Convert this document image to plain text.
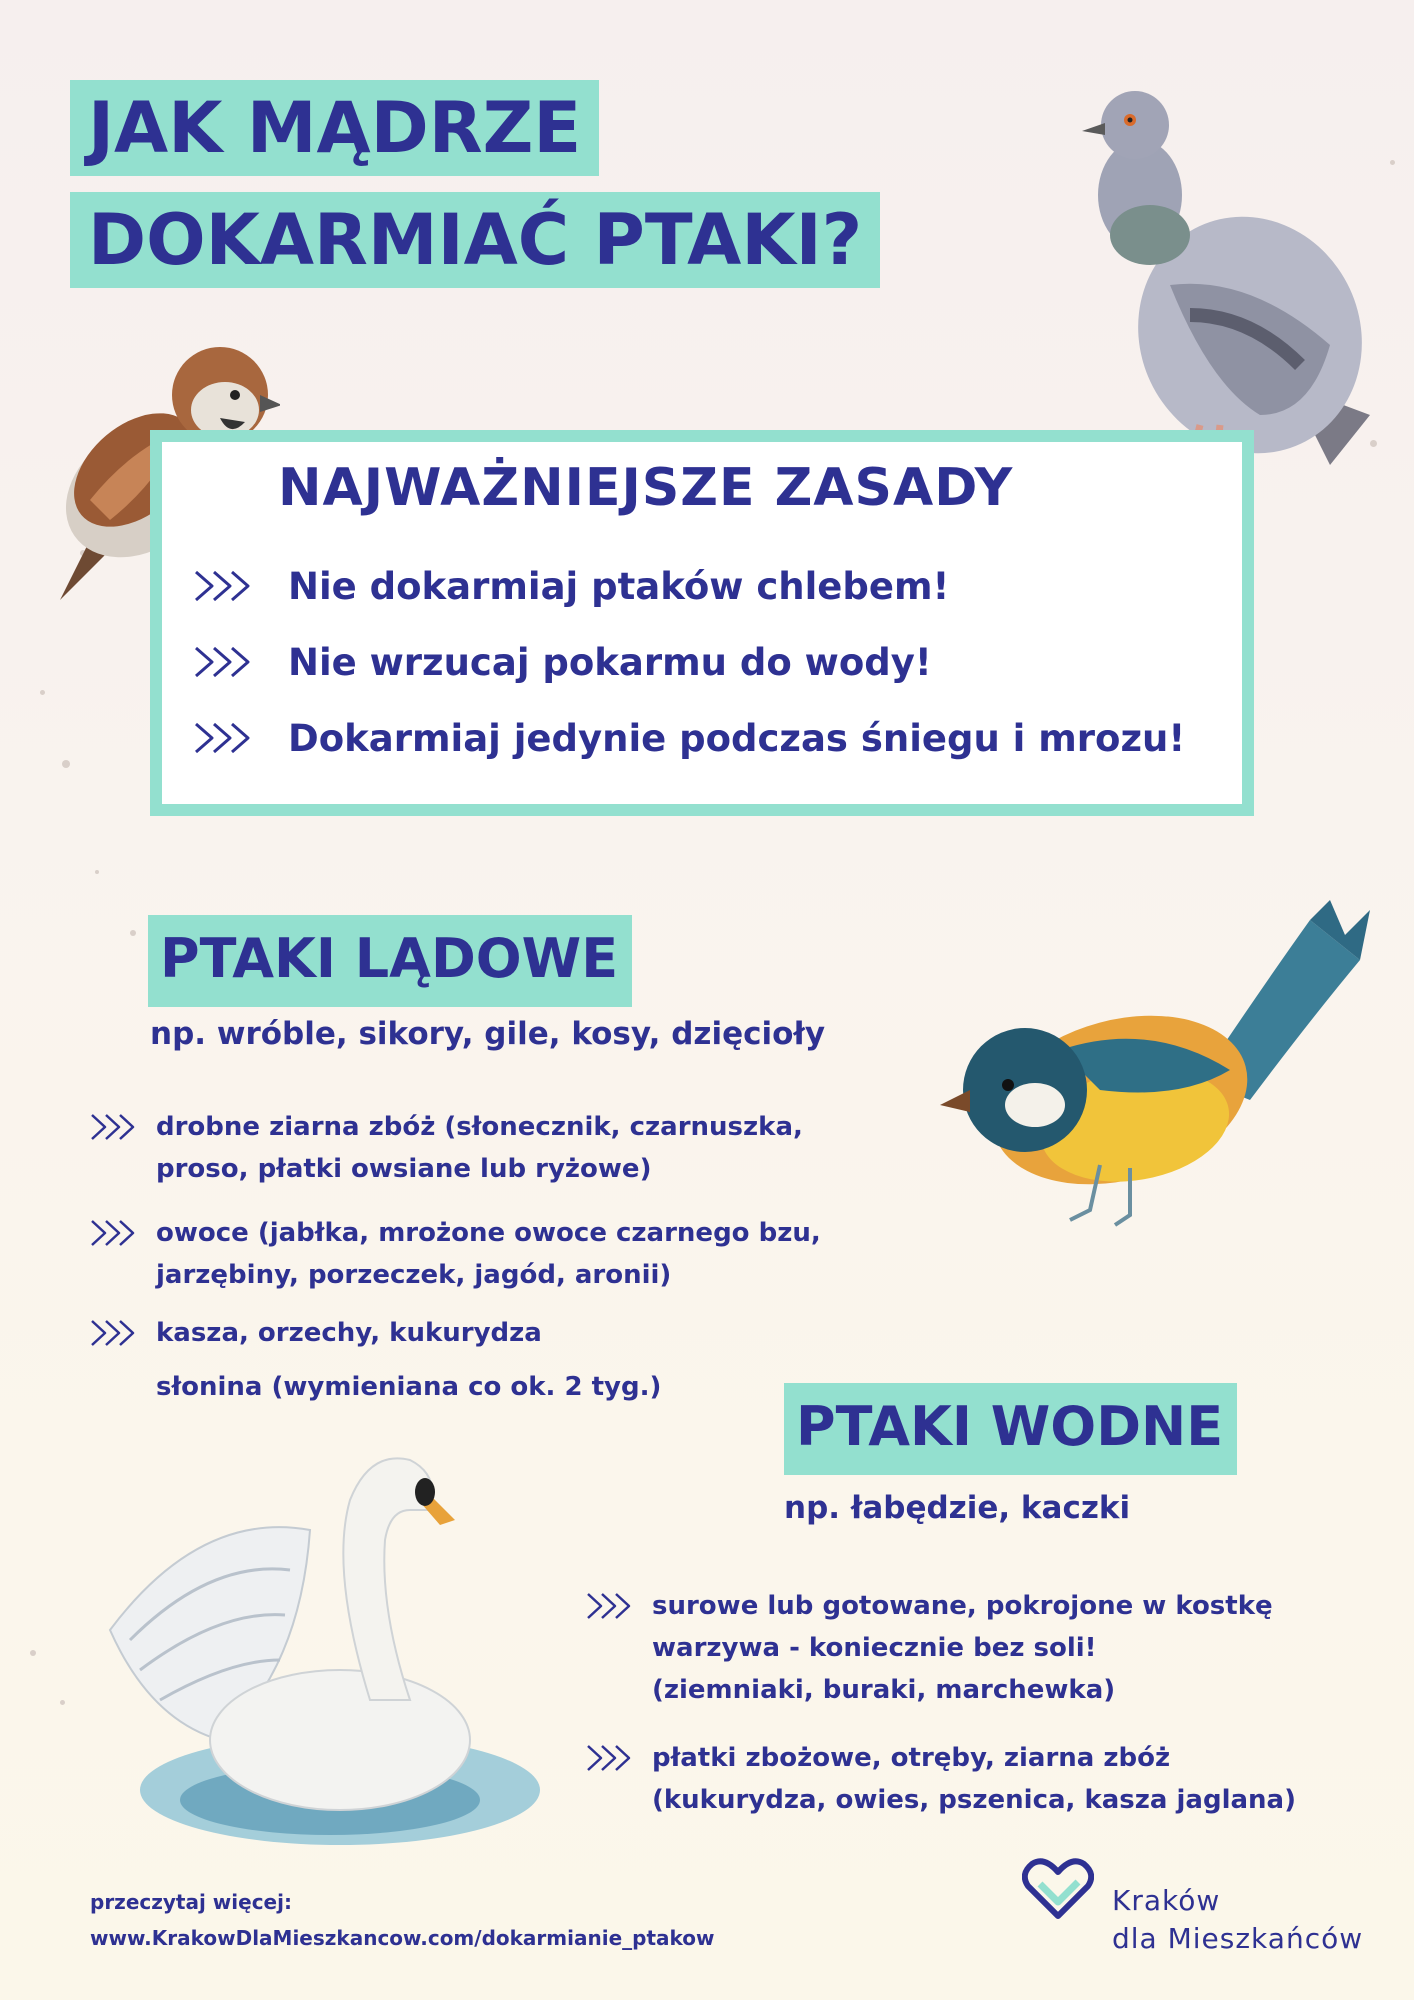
JAK MĄDRZE
DOKARMIAĆ PTAKI?
NAJWAŻNIEJSZE ZASADY
Nie dokarmiaj ptaków chlebem!
Nie wrzucaj pokarmu do wody!
Dokarmiaj jedynie podczas śniegu i mrozu!
PTAKI LĄDOWE
np. wróble, sikory, gile, kosy, dzięcioły
drobne ziarna zbóż (słonecznik, czarnuszka,
proso, płatki owsiane lub ryżowe)
owoce (jabłka, mrożone owoce czarnego bzu,
jarzębiny, porzeczek, jagód, aronii)
kasza, orzechy, kukurydza
słonina (wymieniana co ok. 2 tyg.)
PTAKI WODNE
np. łabędzie, kaczki
surowe lub gotowane, pokrojone w kostkę
warzywa - koniecznie bez soli!
(ziemniaki, buraki, marchewka)
płatki zbożowe, otręby, ziarna zbóż
(kukurydza, owies, pszenica, kasza jaglana)
przeczytaj więcej:
www.KrakowDlaMieszkancow.com/dokarmianie_ptakow
Kraków
dla Mieszkańców
